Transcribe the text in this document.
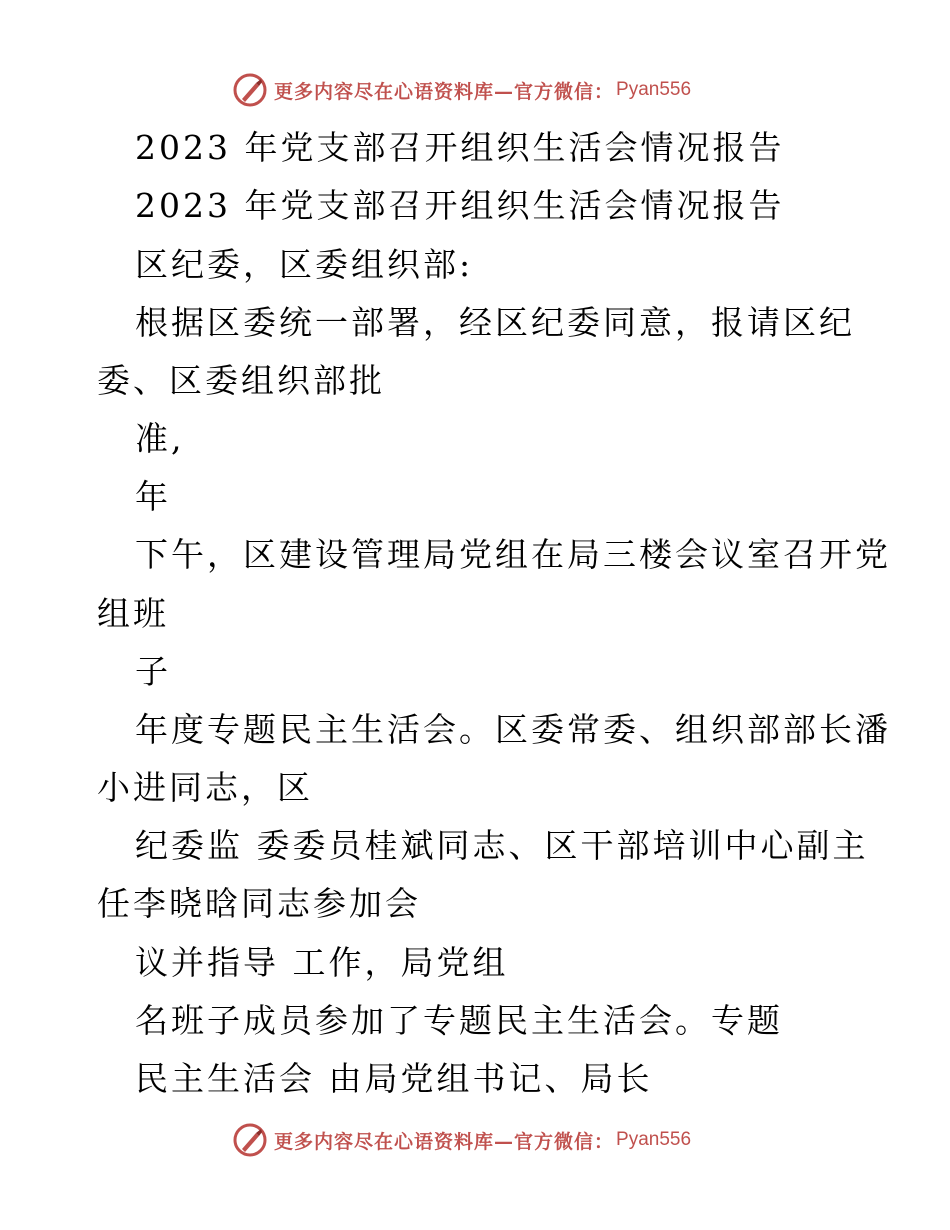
更多内容尽在心语资料库—官方微信： Pyan556
2023 年党支部召开组织生活会情况报告
2023 年党支部召开组织生活会情况报告
区纪委，区委组织部:
根据区委统一部署，经区纪委同意，报请区纪
委、区委组织部批
准,
年
下午，区建设管理局党组在局三楼会议室召开党
组班
子
年度专题民主生活会。区委常委、组织部部长潘
小进同志，区
纪委监 委委员桂斌同志、区干部培训中心副主
任李晓晗同志参加会
议并指导 工作，局党组
名班子成员参加了专题民主生活会。专题
民主生活会 由局党组书记、局长
更多内容尽在心语资料库—官方微信： Pyan556
